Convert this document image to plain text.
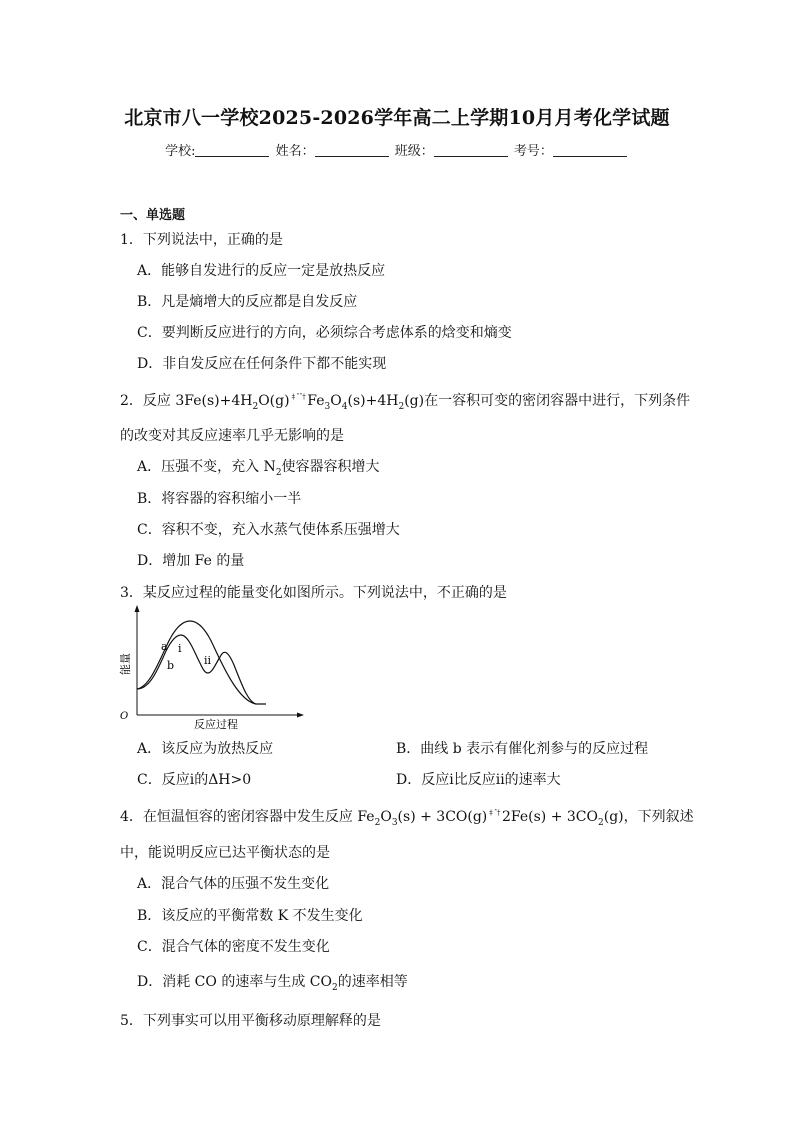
北京市八一学校2025-2026学年高二上学期10月月考化学试题
学校:	姓名：	班级：	考号：
一、单选题
1．下列说法中，正确的是
A．能够自发进行的反应一定是放热反应
B．凡是熵增大的反应都是自发反应
C．要判断反应进行的方向，必须综合考虑体系的焓变和熵变
D．非自发反应在任何条件下都不能实现
2．反应 $3Fe(s)+4H_2O(g)$ $^{\ddagger ˆˆ\dagger}$ $Fe_3O_4(s)+4H_2(g)$在一容积可变的密闭容器中进行，下列条件
的改变对其反应速率几乎无影响的是
A．压强不变，充入 $N_2$使容器容积增大
B．将容器的容积缩小一半
C．容积不变，充入水蒸气使体系压强增大
D．增加 Fe 的量
3．某反应过程的能量变化如图所示。下列说法中，不正确的是
a
b
i
ii
O
反应过程
能量
A．该反应为放热反应	B．曲线 b 表示有催化剂参与的反应过程
C．反应ⅰ的ΔH>0	D．反应ⅰ比反应ⅱ的速率大
4．在恒温恒容的密闭容器中发生反应 $Fe_2O_3(s) + 3CO(g)$ $^{\ddagger ˆ\dagger}$ $2Fe(s) + 3CO_2(g)$，下列叙述
中，能说明反应已达平衡状态的是
A．混合气体的压强不发生变化
B．该反应的平衡常数 K 不发生变化
C．混合气体的密度不发生变化
D．消耗 CO 的速率与生成 $CO_2$的速率相等
5．下列事实可以用平衡移动原理解释的是
